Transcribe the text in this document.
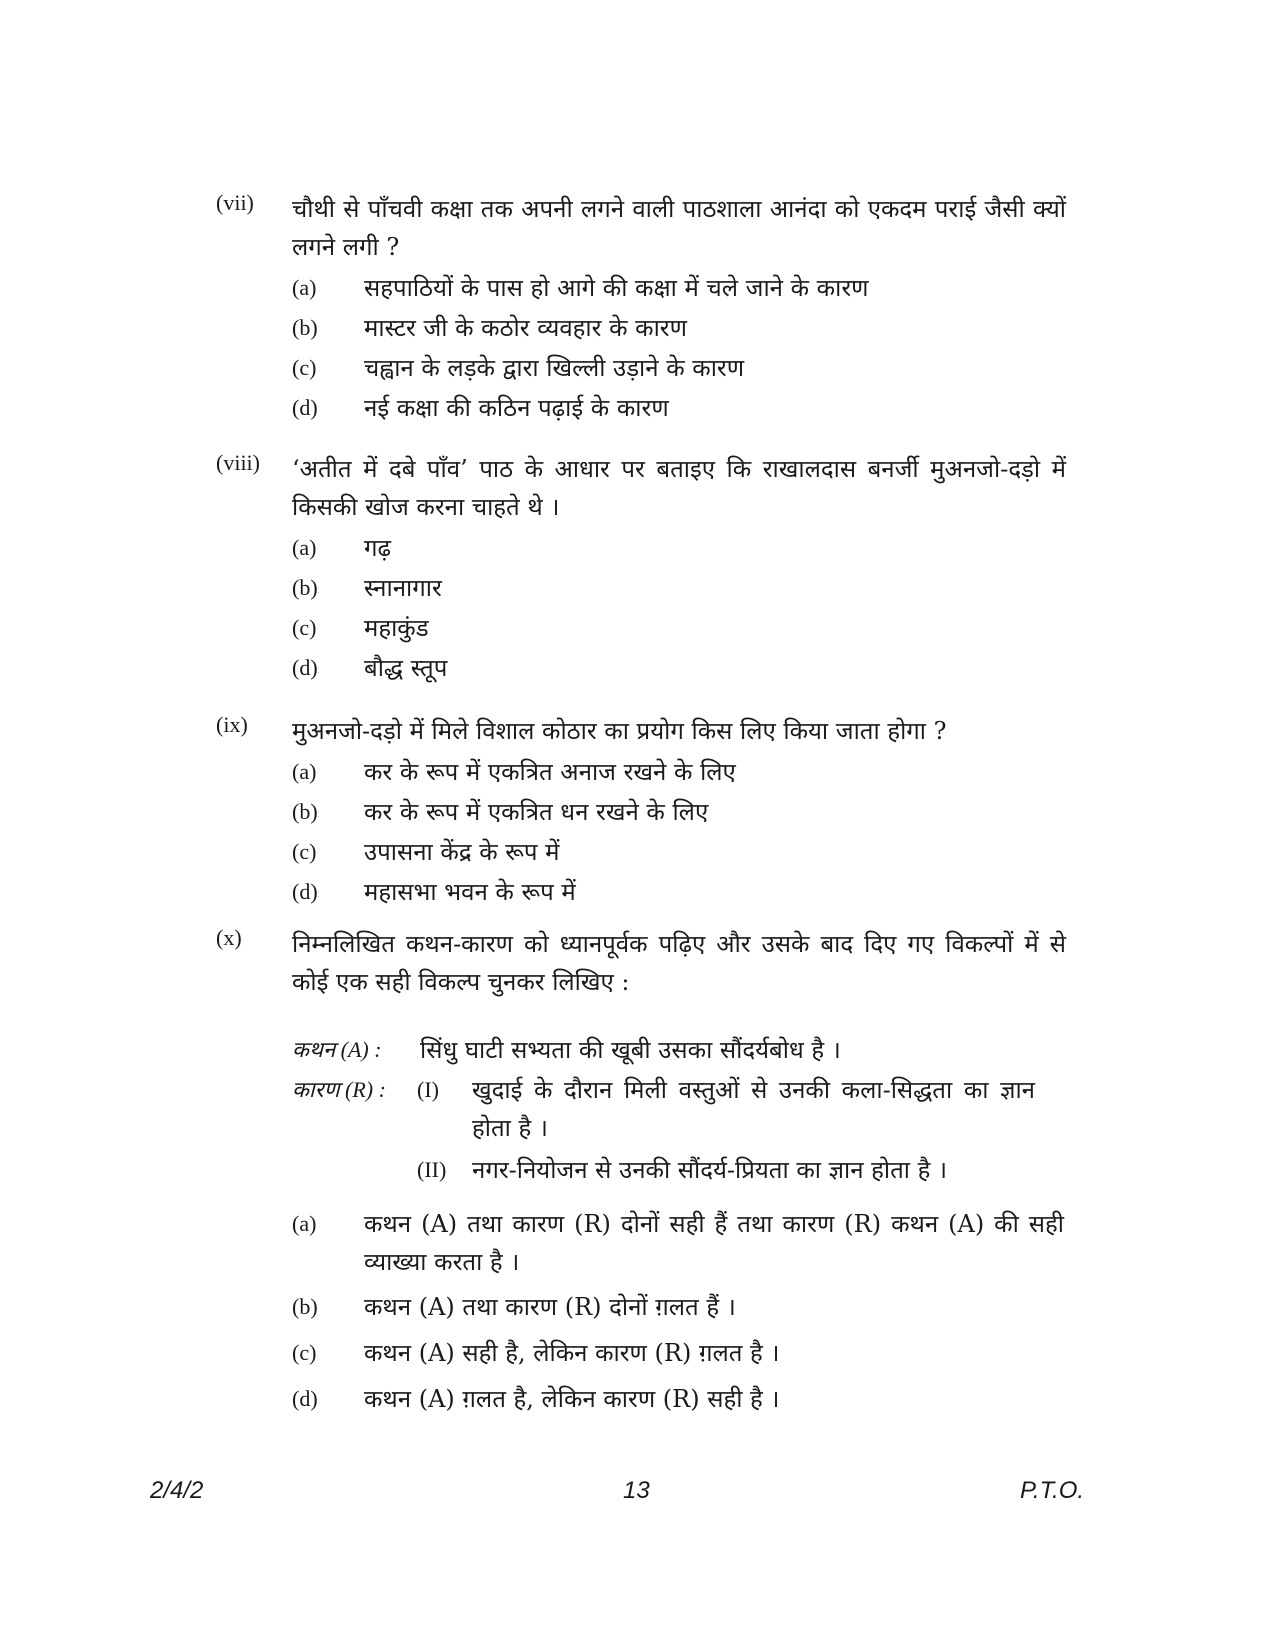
(vii) चौथी से पाँचवी कक्षा तक अपनी लगने वाली पाठशाला आनंदा को एकदम पराई जैसी क्यों लगने लगी ?
(a) सहपाठियों के पास हो आगे की कक्षा में चले जाने के कारण
(b) मास्टर जी के कठोर व्यवहार के कारण
(c) चह्वान के लड़के द्वारा खिल्ली उड़ाने के कारण
(d) नई कक्षा की कठिन पढ़ाई के कारण
(viii) ‘अतीत में दबे पाँव’ पाठ के आधार पर बताइए कि राखालदास बनर्जी मुअनजो-दड़ो में किसकी खोज करना चाहते थे ।
(a) गढ़
(b) स्नानागार
(c) महाकुंड
(d) बौद्ध स्तूप
(ix) मुअनजो-दड़ो में मिले विशाल कोठार का प्रयोग किस लिए किया जाता होगा ?
(a) कर के रूप में एकत्रित अनाज रखने के लिए
(b) कर के रूप में एकत्रित धन रखने के लिए
(c) उपासना केंद्र के रूप में
(d) महासभा भवन के रूप में
(x) निम्नलिखित कथन-कारण को ध्यानपूर्वक पढ़िए और उसके बाद दिए गए विकल्पों में से कोई एक सही विकल्प चुनकर लिखिए :
कथन (A) : सिंधु घाटी सभ्यता की खूबी उसका सौंदर्यबोध है ।
कारण (R) : (I) खुदाई के दौरान मिली वस्तुओं से उनकी कला-सिद्धता का ज्ञान होता है ।
(II) नगर-नियोजन से उनकी सौंदर्य-प्रियता का ज्ञान होता है ।
(a) कथन (A) तथा कारण (R) दोनों सही हैं तथा कारण (R) कथन (A) की सही व्याख्या करता है ।
(b) कथन (A) तथा कारण (R) दोनों ग़लत हैं ।
(c) कथन (A) सही है, लेकिन कारण (R) ग़लत है ।
(d) कथन (A) ग़लत है, लेकिन कारण (R) सही है ।
2/4/2	13	P.T.O.
